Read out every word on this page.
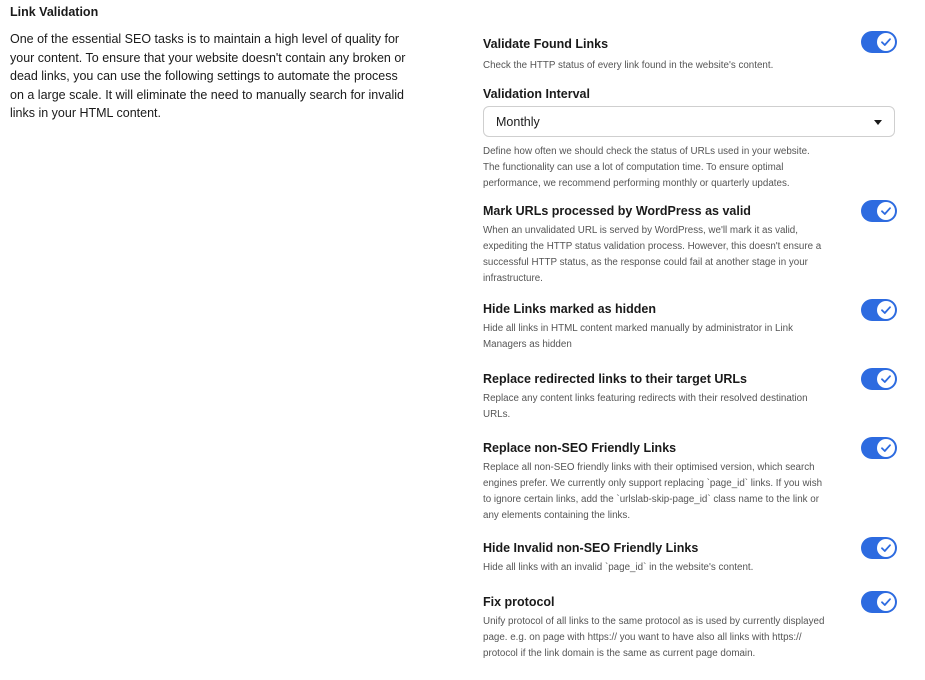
Link Validation

One of the essential SEO tasks is to maintain a high level of quality for your content. To ensure that your website doesn't contain any broken or dead links, you can use the following settings to automate the process on a large scale. It will eliminate the need to manually search for invalid links in your HTML content.

Validate Found Links
Check the HTTP status of every link found in the website's content.
Validation Interval
Monthly
Define how often we should check the status of URLs used in your website. The functionality can use a lot of computation time. To ensure optimal performance, we recommend performing monthly or quarterly updates.
Mark URLs processed by WordPress as valid
When an unvalidated URL is served by WordPress, we'll mark it as valid, expediting the HTTP status validation process. However, this doesn't ensure a successful HTTP status, as the response could fail at another stage in your infrastructure.
Hide Links marked as hidden
Hide all links in HTML content marked manually by administrator in Link Managers as hidden
Replace redirected links to their target URLs
Replace any content links featuring redirects with their resolved destination URLs.
Replace non-SEO Friendly Links
Replace all non-SEO friendly links with their optimised version, which search engines prefer. We currently only support replacing `page_id` links. If you wish to ignore certain links, add the `urlslab-skip-page_id` class name to the link or any elements containing the links.
Hide Invalid non-SEO Friendly Links
Hide all links with an invalid `page_id` in the website's content.
Fix protocol
Unify protocol of all links to the same protocol as is used by currently displayed page. e.g. on page with https:// you want to have also all links with https:// protocol if the link domain is the same as current page domain.
